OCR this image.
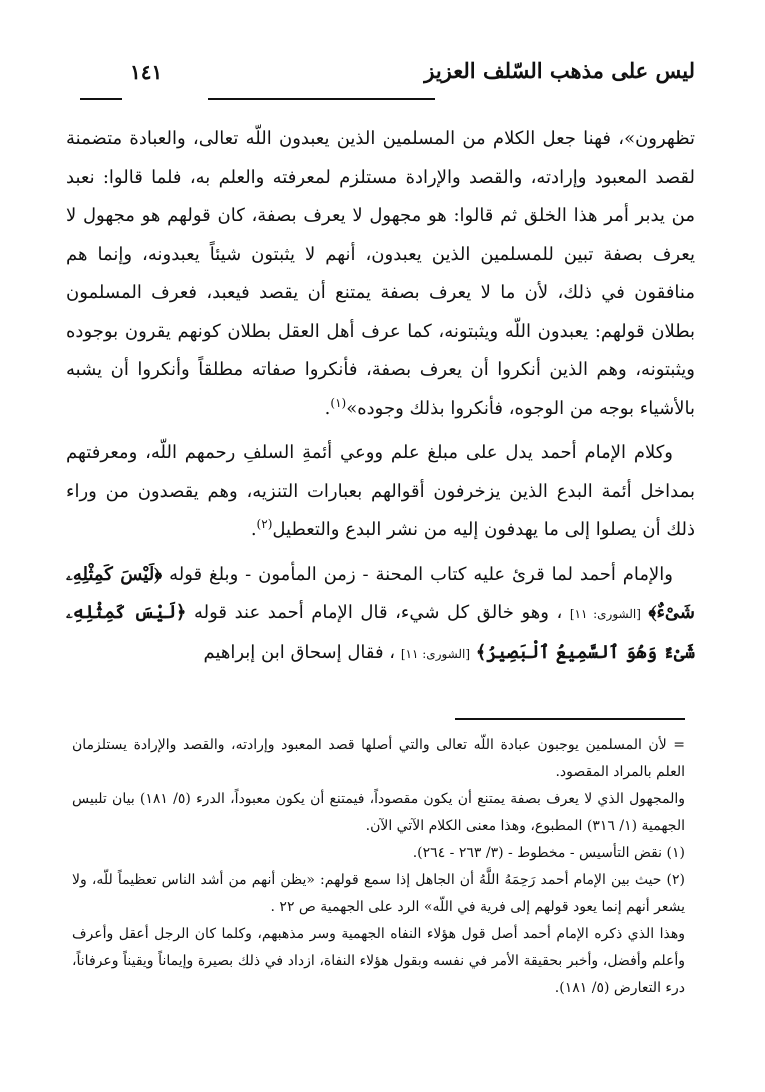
ليس على مذهب السّلف العزيز
١٤١

تظهرون»، فهنا جعل الكلام من المسلمين الذين يعبدون اللّه تعالى، والعبادة متضمنة لقصد المعبود وإرادته، والقصد والإرادة مستلزم لمعرفته والعلم به، فلما قالوا: نعبد من يدبر أمر هذا الخلق ثم قالوا: هو مجهول لا يعرف بصفة، كان قولهم هو مجهول لا يعرف بصفة تبين للمسلمين الذين يعبدون، أنهم لا يثبتون شيئاً يعبدونه، وإنما هم منافقون في ذلك، لأن ما لا يعرف بصفة يمتنع أن يقصد فيعبد، فعرف المسلمون بطلان قولهم: يعبدون اللّه ويثبتونه، كما عرف أهل العقل بطلان كونهم يقرون بوجوده ويثبتونه، وهم الذين أنكروا أن يعرف بصفة، فأنكروا صفاته مطلقاً وأنكروا أن يشبه بالأشياء بوجه من الوجوه، فأنكروا بذلك وجوده»$^{(١)}$.

وكلام الإمام أحمد يدل على مبلغ علم ووعي أئمةِ السلفِ رحمهم اللّه، ومعرفتهم بمداخل أئمة البدع الذين يزخرفون أقوالهم بعبارات التنزيه، وهم يقصدون من وراء ذلك أن يصلوا إلى ما يهدفون إليه من نشر البدع والتعطيل$^{(٢)}$.

والإمام أحمد لما قرئ عليه كتاب المحنة - زمن المأمون - وبلغ قوله ﴿لَيْسَ كَمِثْلِهِۦ شَىْءٌ﴾ [الشورى: ١١] ، وهو خالق كل شيء، قال الإمام أحمد عند قوله ﴿لَيْسَ كَمِثْلِهِۦ شَىْءٌ وَهُوَ ٱلسَّمِيعُ ٱلْبَصِيرُ﴾ [الشورى: ١١] ، فقال إسحاق ابن إبراهيم

= لأن المسلمين يوجبون عبادة اللّه تعالى والتي أصلها قصد المعبود وإرادته، والقصد والإرادة يستلزمان العلم بالمراد المقصود.

والمجهول الذي لا يعرف بصفة يمتنع أن يكون مقصوداً، فيمتنع أن يكون معبوداً، الدرء (٥/ ١٨١) بيان تلبيس الجهمية (١/ ٣١٦) المطبوع، وهذا معنى الكلام الآتي الآن.

(١) نقض التأسيس - مخطوط - (٣/ ٢٦٣ - ٢٦٤).

(٢) حيث بين الإمام أحمد رَحِمَهُ اللَّهُ أن الجاهل إذا سمع قولهم: «يظن أنهم من أشد الناس تعظيماً للّه، ولا يشعر أنهم إنما يعود قولهم إلى فرية في اللّه» الرد على الجهمية ص ٢٢ .

وهذا الذي ذكره الإمام أحمد أصل قول هؤلاء النفاه الجهمية وسر مذهبهم، وكلما كان الرجل أعقل وأعرف وأعلم وأفضل، وأخبر بحقيقة الأمر في نفسه وبقول هؤلاء النفاة، ازداد في ذلك بصيرة وإيماناً ويقيناً وعرفاناً، درء التعارض (٥/ ١٨١).
